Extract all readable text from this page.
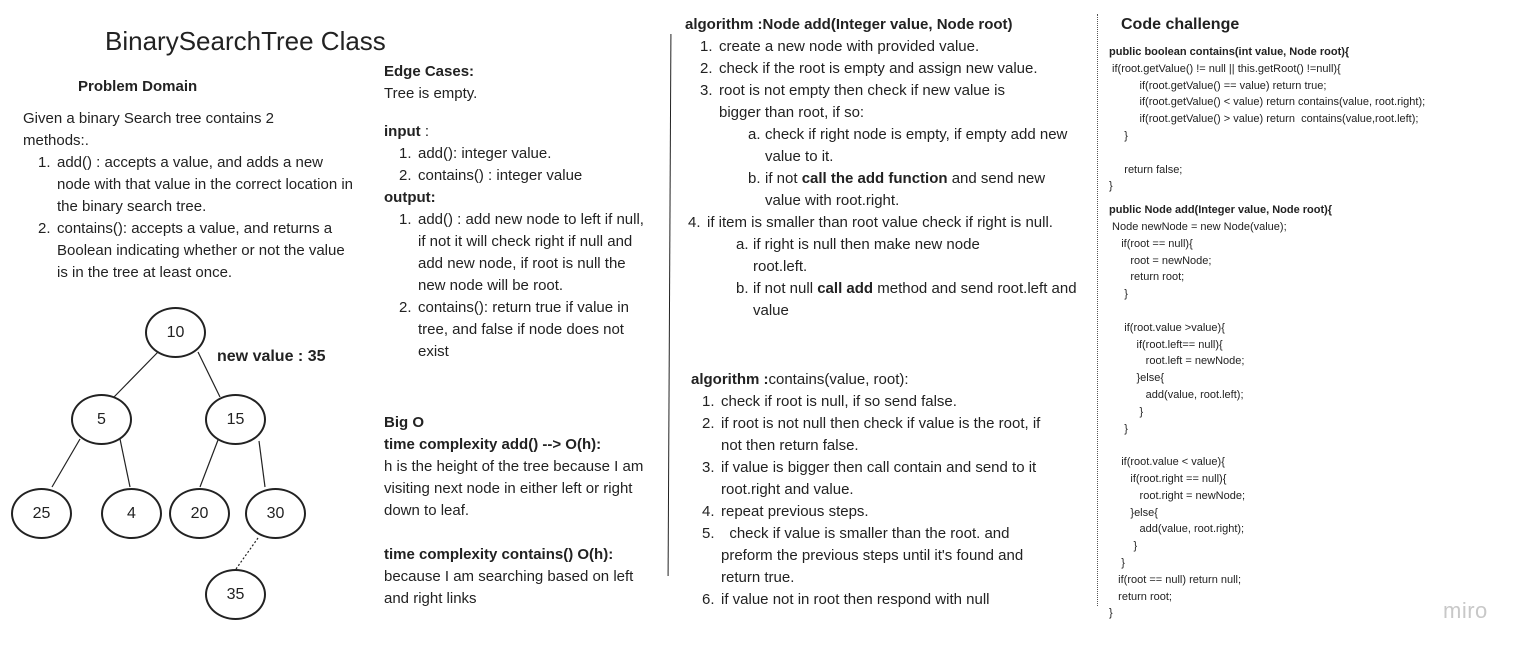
BinarySearchTree Class
Problem Domain
Given a binary Search tree contains 2 methods:.
1. add() : accepts a value, and adds a new node with that value in the correct location in the binary search tree.
2. contains(): accepts a value, and returns a Boolean indicating whether or not the value is in the tree at least once.
10
5	15
25	4	20	30
35
new value : 35
Edge Cases:
Tree is empty.
input :
1. add(): integer value.
2. contains() : integer value
output:
1. add() : add new node to left if null, if not it will check right if null and add new node, if root is null the new node will be root.
2. contains(): return true if value in tree, and false if node does not exist
Big O
time complexity add() --> O(h):
h is the height of the tree because I am visiting next node in either left or right down to leaf.
time complexity contains() O(h):
because I am searching based on left and right links
algorithm :Node add(Integer value, Node root)
1. create a new node with provided value.
2. check if the root is empty and assign new value.
3. root is not empty then check if new value is bigger than root, if so:
a. check if right node is empty, if empty add new value to it.
b. if not call the add function and send new value with root.right.
4. if item is smaller than root value check if right is null.
a. if right is null then make new node root.left.
b. if not null call add method and send root.left and value
algorithm :contains(value, root):
1. check if root is null, if so send false.
2. if root is not null then check if value is the root, if not then return false.
3. if value is bigger then call contain and send to it root.right and value.
4. repeat previous steps.
5. check if value is smaller than the root. and preform the previous steps until it's found and return true.
6. if value not in root then respond with null
Code challenge
public boolean contains(int value, Node root){
if(root.getValue() != null || this.getRoot() !=null){
if(root.getValue() == value) return true;
if(root.getValue() < value) return contains(value, root.right);
if(root.getValue() > value) return  contains(value,root.left);
}

return false;
}
public Node add(Integer value, Node root){
Node newNode = new Node(value);
if(root == null){
root = newNode;
return root;
}

if(root.value >value){
if(root.left== null){
root.left = newNode;
}else{
add(value, root.left);
}
}

if(root.value < value){
if(root.right == null){
root.right = newNode;
}else{
add(value, root.right);
}
}
if(root == null) return null;
return root;
}	miro
